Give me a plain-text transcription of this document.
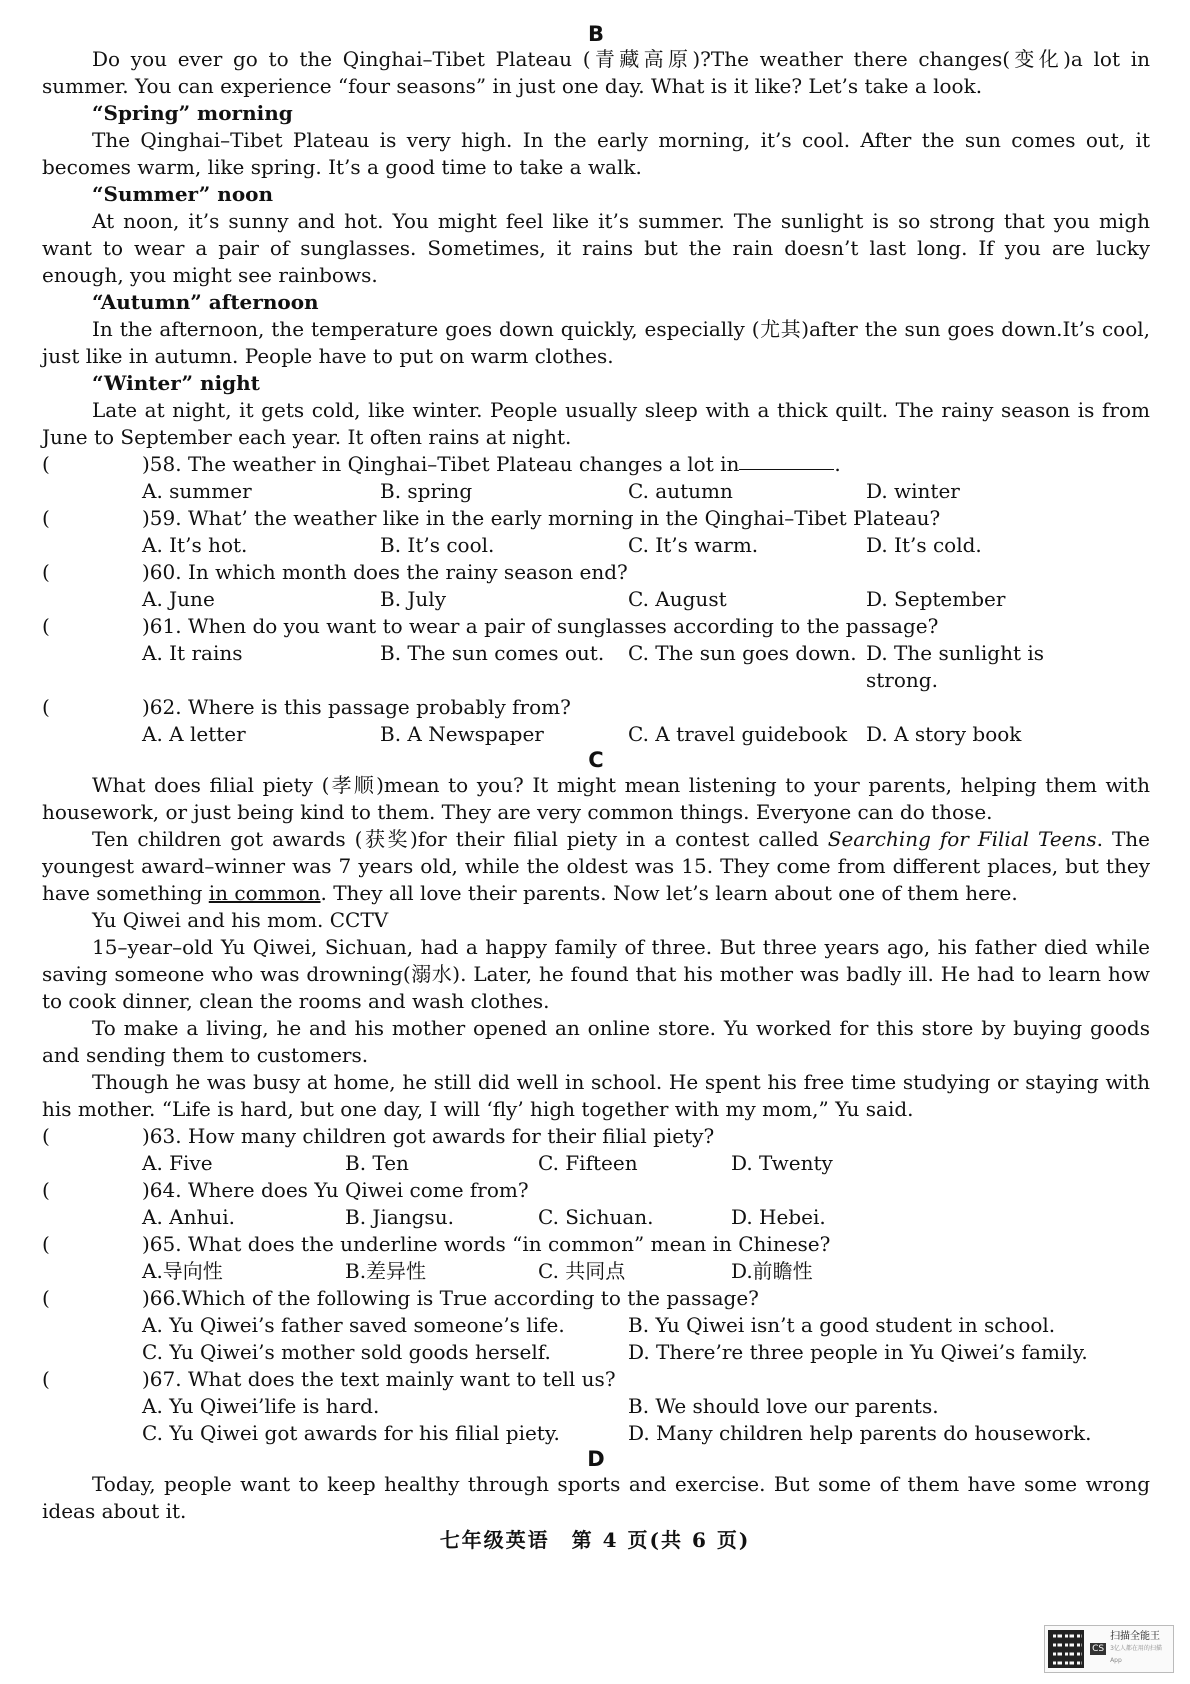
B

Do you ever go to the Qinghai–Tibet Plateau (青藏高原)?The weather there changes(变化)a lot in summer. You can experience “four seasons” in just one day. What is it like? Let’s take a look.

“Spring” morning

The Qinghai–Tibet Plateau is very high. In the early morning, it’s cool. After the sun comes out, it becomes warm, like spring. It’s a good time to take a walk.

“Summer” noon

At noon, it’s sunny and hot. You might feel like it’s summer. The sunlight is so strong that you migh want to wear a pair of sunglasses. Sometimes, it rains but the rain doesn’t last long. If you are lucky enough, you might see rainbows.

“Autumn” afternoon

In the afternoon, the temperature goes down quickly, especially (尤其)after the sun goes down.It’s cool, just like in autumn. People have to put on warm clothes.

“Winter” night

Late at night, it gets cold, like winter. People usually sleep with a thick quilt. The rainy season is from June to September each year. It often rains at night.

(	)58. The weather in Qinghai–Tibet Plateau changes a lot in	.
A. summer	B. spring	C. autumn	D. winter
(	)59. What’ the weather like in the early morning in the Qinghai–Tibet Plateau?
A. It’s hot.	B. It’s cool.	C. It’s warm.	D. It’s cold.
(	)60. In which month does the rainy season end?
A. June	B. July	C. August	D. September
(	)61. When do you want to wear a pair of sunglasses according to the passage?
A. It rains	B. The sun comes out.	C. The sun goes down. D. The sunlight is strong.
(	)62. Where is this passage probably from?
A. A letter	B. A Newspaper	C. A travel guidebook D. A story book
C

What does filial piety (孝顺)mean to you? It might mean listening to your parents, helping them with housework, or just being kind to them. They are very common things. Everyone can do those.

Ten children got awards (获奖)for their filial piety in a contest called Searching for Filial Teens. The youngest award–winner was 7 years old, while the oldest was 15. They come from different places, but they have something in common. They all love their parents. Now let’s learn about one of them here.

Yu Qiwei and his mom. CCTV

15–year–old Yu Qiwei, Sichuan, had a happy family of three. But three years ago, his father died while saving someone who was drowning(溺水). Later, he found that his mother was badly ill. He had to learn how to cook dinner, clean the rooms and wash clothes.

To make a living, he and his mother opened an online store. Yu worked for this store by buying goods and sending them to customers.

Though he was busy at home, he still did well in school. He spent his free time studying or staying with his mother. “Life is hard, but one day, I will ‘fly’ high together with my mom,” Yu said.

(	)63. How many children got awards for their filial piety?
A. Five	B. Ten	C. Fifteen	D. Twenty
(	)64. Where does Yu Qiwei come from?
A. Anhui.	B. Jiangsu.	C. Sichuan.	D. Hebei.
(	)65. What does the underline words “in common” mean in Chinese?
A.导向性	B.差异性	C. 共同点	D.前瞻性
(	)66.Which of the following is True according to the passage?
A. Yu Qiwei’s father saved someone’s life.	B. Yu Qiwei isn’t a good student in school.
C. Yu Qiwei’s mother sold goods herself.	D. There’re three people in Yu Qiwei’s family.
(	)67. What does the text mainly want to tell us?
A. Yu Qiwei’life is hard.	B. We should love our parents.
C. Yu Qiwei got awards for his filial piety.	D. Many children help parents do housework.
D

Today, people want to keep healthy through sports and exercise. But some of them have some wrong ideas about it.

七年级英语　第 4 页(共 6 页)
CS
扫描全能王
3亿人都在用的扫描App
